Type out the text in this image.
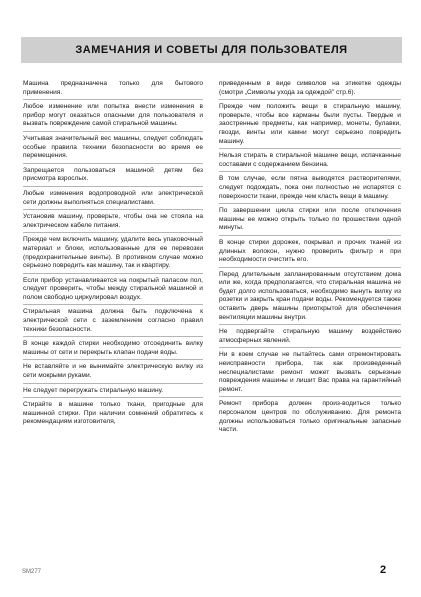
ЗАМЕЧАНИЯ И СОВЕТЫ ДЛЯ ПОЛЬЗОВАТЕЛЯ

Машина предназначена только для бытового применения.

Любое изменение или попытка внести изменения в прибор могут оказаться опасными для пользователя и вызвать повреждение самой стиральной машины.

Учитывая значительный вес машины, следует соблюдать особые правила техники безопасности во время ее перемещения.

Запрещается пользоваться машиной детям без присмотра взрослых.

Любые изменения водопроводной или электрической сети должны выполняться специалистами.

Установив машину, проверьте, чтобы она не стояла на электрическом кабеле питания.

Прежде чем включить машину, удалите весь упаковочный материал и блоки, использованные для ее перевозки (предохранительные винты). В противном случае можно серьезно повредить как машину, так и квартиру.

Если прибор устанавливается на покрытый паласом пол, следует проверить, чтобы между стиральной машиной и полом свободно циркулировал воздух.

Стиральная машина должна быть подключена к электрической сети с заземлением согласно правил техники безопасности.

В конце каждой стирки необходимо отсоединить вилку машины от сети и перекрыть клапан подачи воды.

Не вставляйте и не вынимайте электрическую вилку из сети мокрыми руками.

Не следует перегружать стиральную машину.

Стирайте в машине только ткани, пригодные для машинной стирки. При наличии сомнений обратитесь к рекомендациям изготовителя,

приведенным в виде символов на этикетке одежды (смотри „Символы ухода за одеждой" стр.6).

Прежде чем положить вещи в стиральную машину, проверьте, чтобы все карманы были пусты. Твердые и заостренные предметы, как например, монеты, булавки, гвозди, винты или камни могут серьезно повредить машину.

Нельзя стирать в стиральной машине вещи, испачканные составами с содержанием бензина.

В том случае, если пятна выводятся растворителями, следует подождать, пока они полностью не испарятся с поверхности ткани, прежде чем класть вещи в машину.

По завершении цикла стирки или после отключения машины ее можно открыть только по прошествии одной минуты.

В конце стирки дорожек, покрывал и прочих тканей из длинных волокон, нужно проверить фильтр и при необходимости очистить его.

Перед длительным запланированным отсутствием дома или же, когда предполагается, что стиральная машина не будет долго использоваться, необходимо вынуть вилку из розетки и закрыть кран подачи воды. Рекомендуется также оставить дверь машины приоткрытой для обеспечения вентиляции машины внутри.

Не подвергайте стиральную машину воздействию атмосферных явлений.

Ни в коем случае не пытайтесь сами отремонтировать неисправности прибора, так как произведенный неспециалистами ремонт может вызвать серьезные повреждения машины и лишит Вас права на гарантийный ремонт.

Ремонт прибора должен произ-водиться только персоналом центров по обслуживанию. Для ремонта должны использоваться только оригинальные запасные части.

SM277	2
